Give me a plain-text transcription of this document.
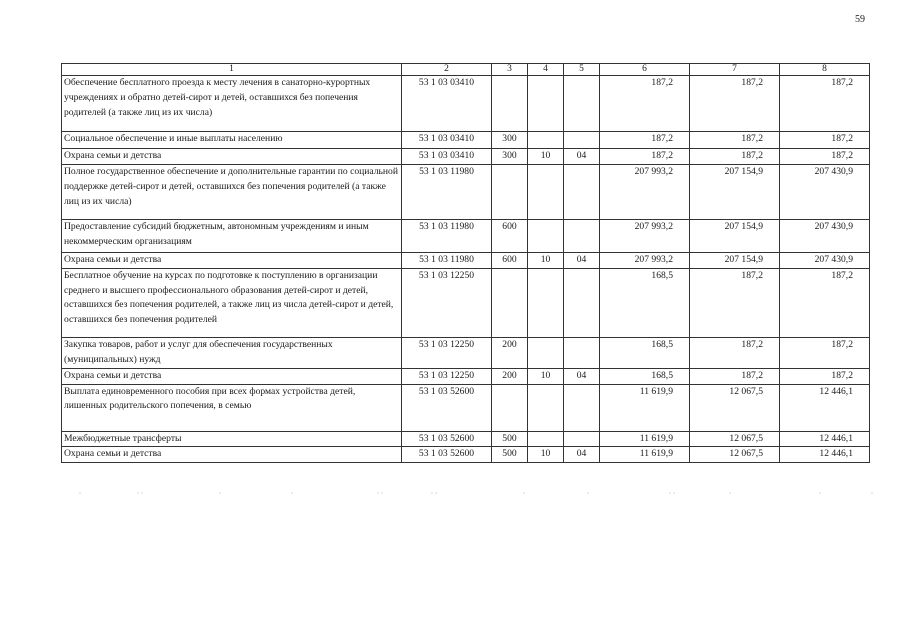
59
1	2	3	4	5	6	7	8
Обеспечение бесплатного проезда к месту лечения в санаторно-курортных учреждениях и обратно детей-сирот и детей, оставшихся без попечения родителей (а также лиц из их числа)	53 1 03 03410				187,2	187,2	187,2
Социальное обеспечение и иные выплаты населению	53 1 03 03410	300			187,2	187,2	187,2
Охрана семьи и детства	53 1 03 03410	300	10	04	187,2	187,2	187,2
Полное государственное обеспечение и дополнительные гарантии по социальной поддержке детей-сирот и детей, оставшихся без попечения родителей (а также лиц из их числа)	53 1 03 11980				207 993,2	207 154,9	207 430,9
Предоставление субсидий бюджетным, автономным учреждениям и иным некоммерческим организациям	53 1 03 11980	600			207 993,2	207 154,9	207 430,9
Охрана семьи и детства	53 1 03 11980	600	10	04	207 993,2	207 154,9	207 430,9
Бесплатное обучение на курсах по подготовке к поступлению в организации среднего и высшего профессионального образования детей-сирот и детей, оставшихся без попечения родителей, а также лиц из числа детей-сирот и детей, оставшихся без попечения родителей	53 1 03 12250				168,5	187,2	187,2
Закупка товаров, работ и услуг для обеспечения государственных (муниципальных) нужд	53 1 03 12250	200			168,5	187,2	187,2
Охрана семьи и детства	53 1 03 12250	200	10	04	168,5	187,2	187,2
Выплата единовременного пособия при всех формах устройства детей, лишенных родительского попечения, в семью	53 1 03 52600				11 619,9	12 067,5	12 446,1
Межбюджетные трансферты	53 1 03 52600	500			11 619,9	12 067,5	12 446,1
Охрана семьи и детства	53 1 03 52600	500	10	04	11 619,9	12 067,5	12 446,1
